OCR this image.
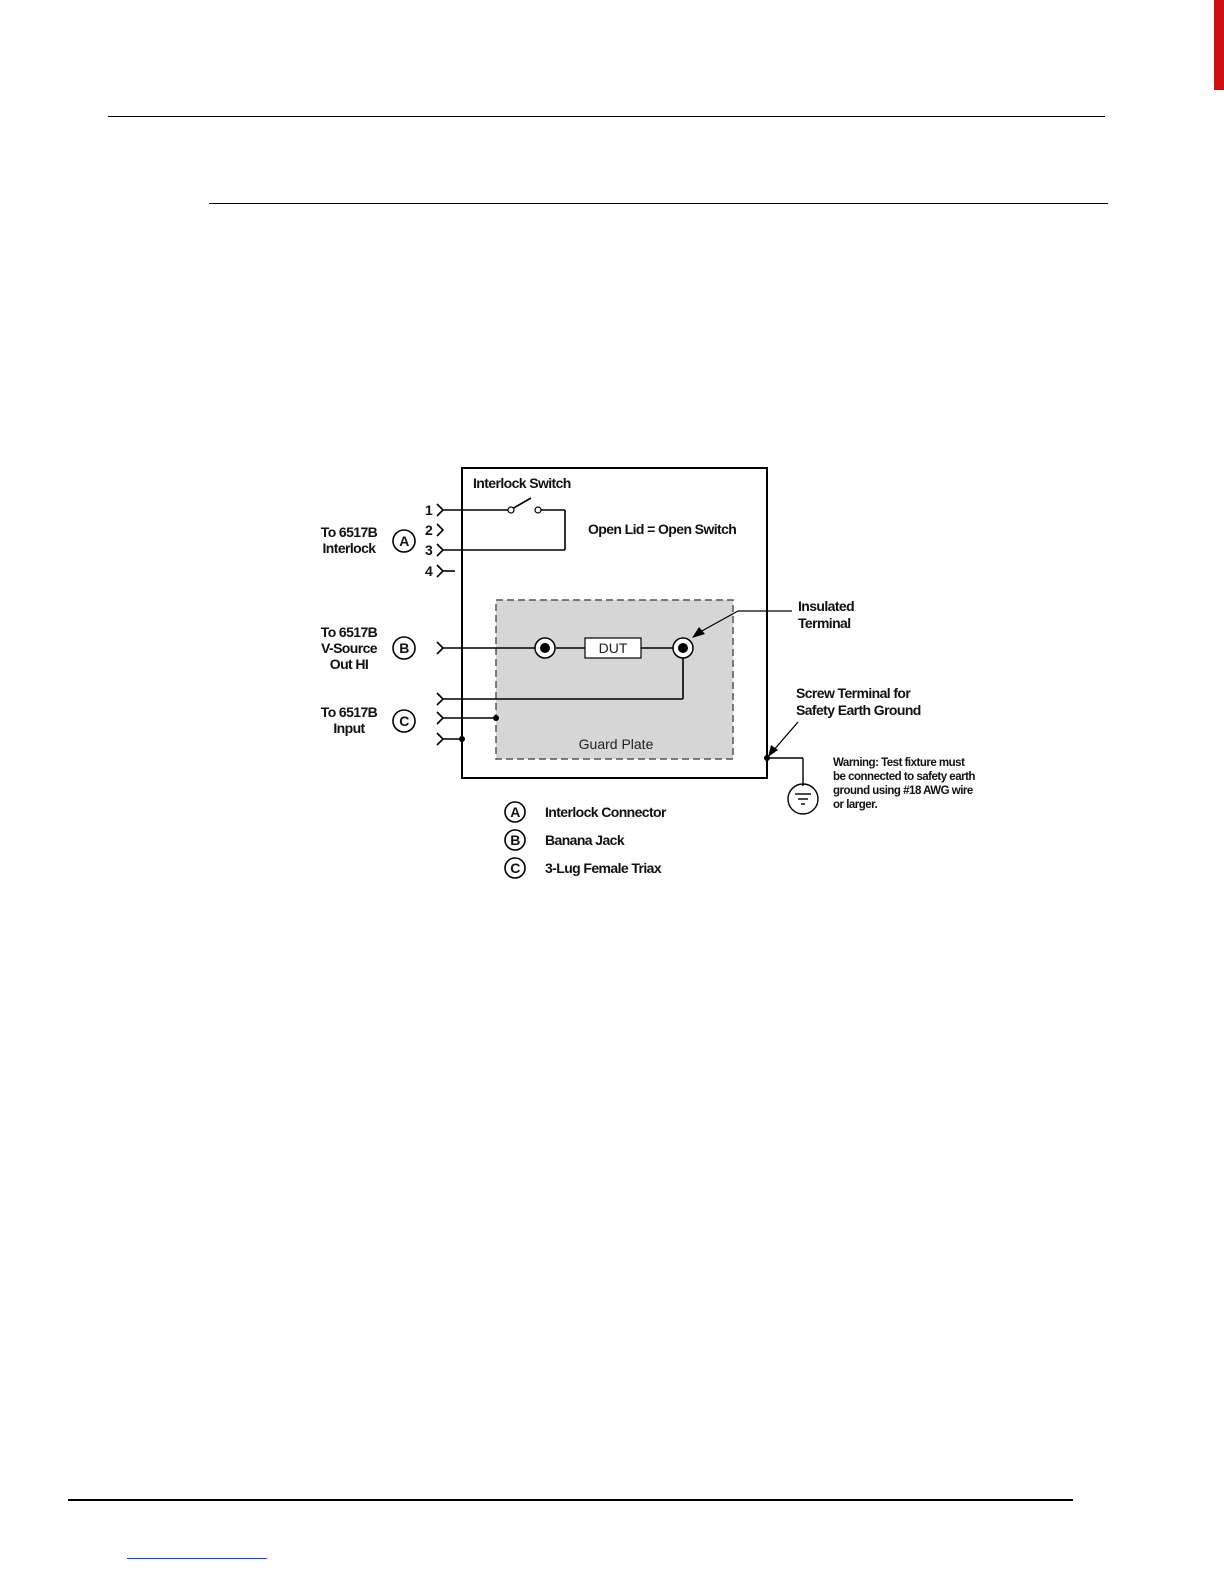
Guard Plate
Interlock Switch
Open Lid = Open Switch
1
2
3
4
To 6517B
Interlock A
To 6517B
V-Source
Out HI
B	DUT
Insulated
Terminal
To 6517B
Input C
Screw Terminal for
Safety Earth Ground
Warning: Test fixture must
be connected to safety earth
ground using #18 AWG wire
or larger.
A Interlock Connector
B Banana Jack
C 3-Lug Female Triax
